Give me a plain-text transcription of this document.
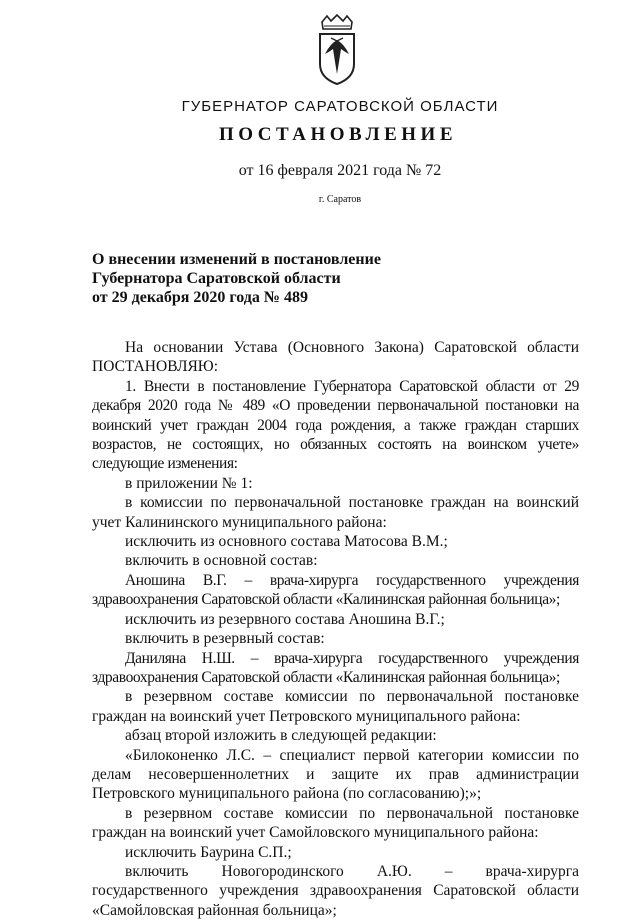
ГУБЕРНАТОР САРАТОВСКОЙ ОБЛАСТИ
ПОСТАНОВЛЕНИЕ
от 16 февраля 2021 года № 72
г. Саратов
О внесении изменений в постановление
Губернатора Саратовской области
от 29 декабря 2020 года № 489

На основании Устава (Основного Закона) Саратовской области

ПОСТАНОВЛЯЮ:

1. Внести в постановление Губернатора Саратовской области от 29 декабря 2020 года № 489 «О проведении первоначальной постановки на воинский учет граждан 2004 года рождения, а также граждан старших возрастов, не состоящих, но обязанных состоять на воинском учете» следующие изменения:

в приложении № 1:

в комиссии по первоначальной постановке граждан на воинский учет Калининского муниципального района:

исключить из основного состава Матосова В.М.;

включить в основной состав:

Аношина В.Г. – врача-хирурга государственного учреждения здравоохранения Саратовской области «Калининская районная больница»;

исключить из резервного состава Аношина В.Г.;

включить в резервный состав:

Даниляна Н.Ш. – врача-хирурга государственного учреждения здравоохранения Саратовской области «Калининская районная больница»;

в резервном составе комиссии по первоначальной постановке граждан на воинский учет Петровского муниципального района:

абзац второй изложить в следующей редакции:

«Билоконенко Л.С. – специалист первой категории комиссии по делам несовершеннолетних и защите их прав администрации Петровского муниципального района (по согласованию);»;

в резервном составе комиссии по первоначальной постановке граждан на воинский учет Самойловского муниципального района:

исключить Баурина С.П.;

включить Новогородинского А.Ю. – врача-хирурга государственного учреждения здравоохранения Саратовской области «Самойловская районная больница»;
